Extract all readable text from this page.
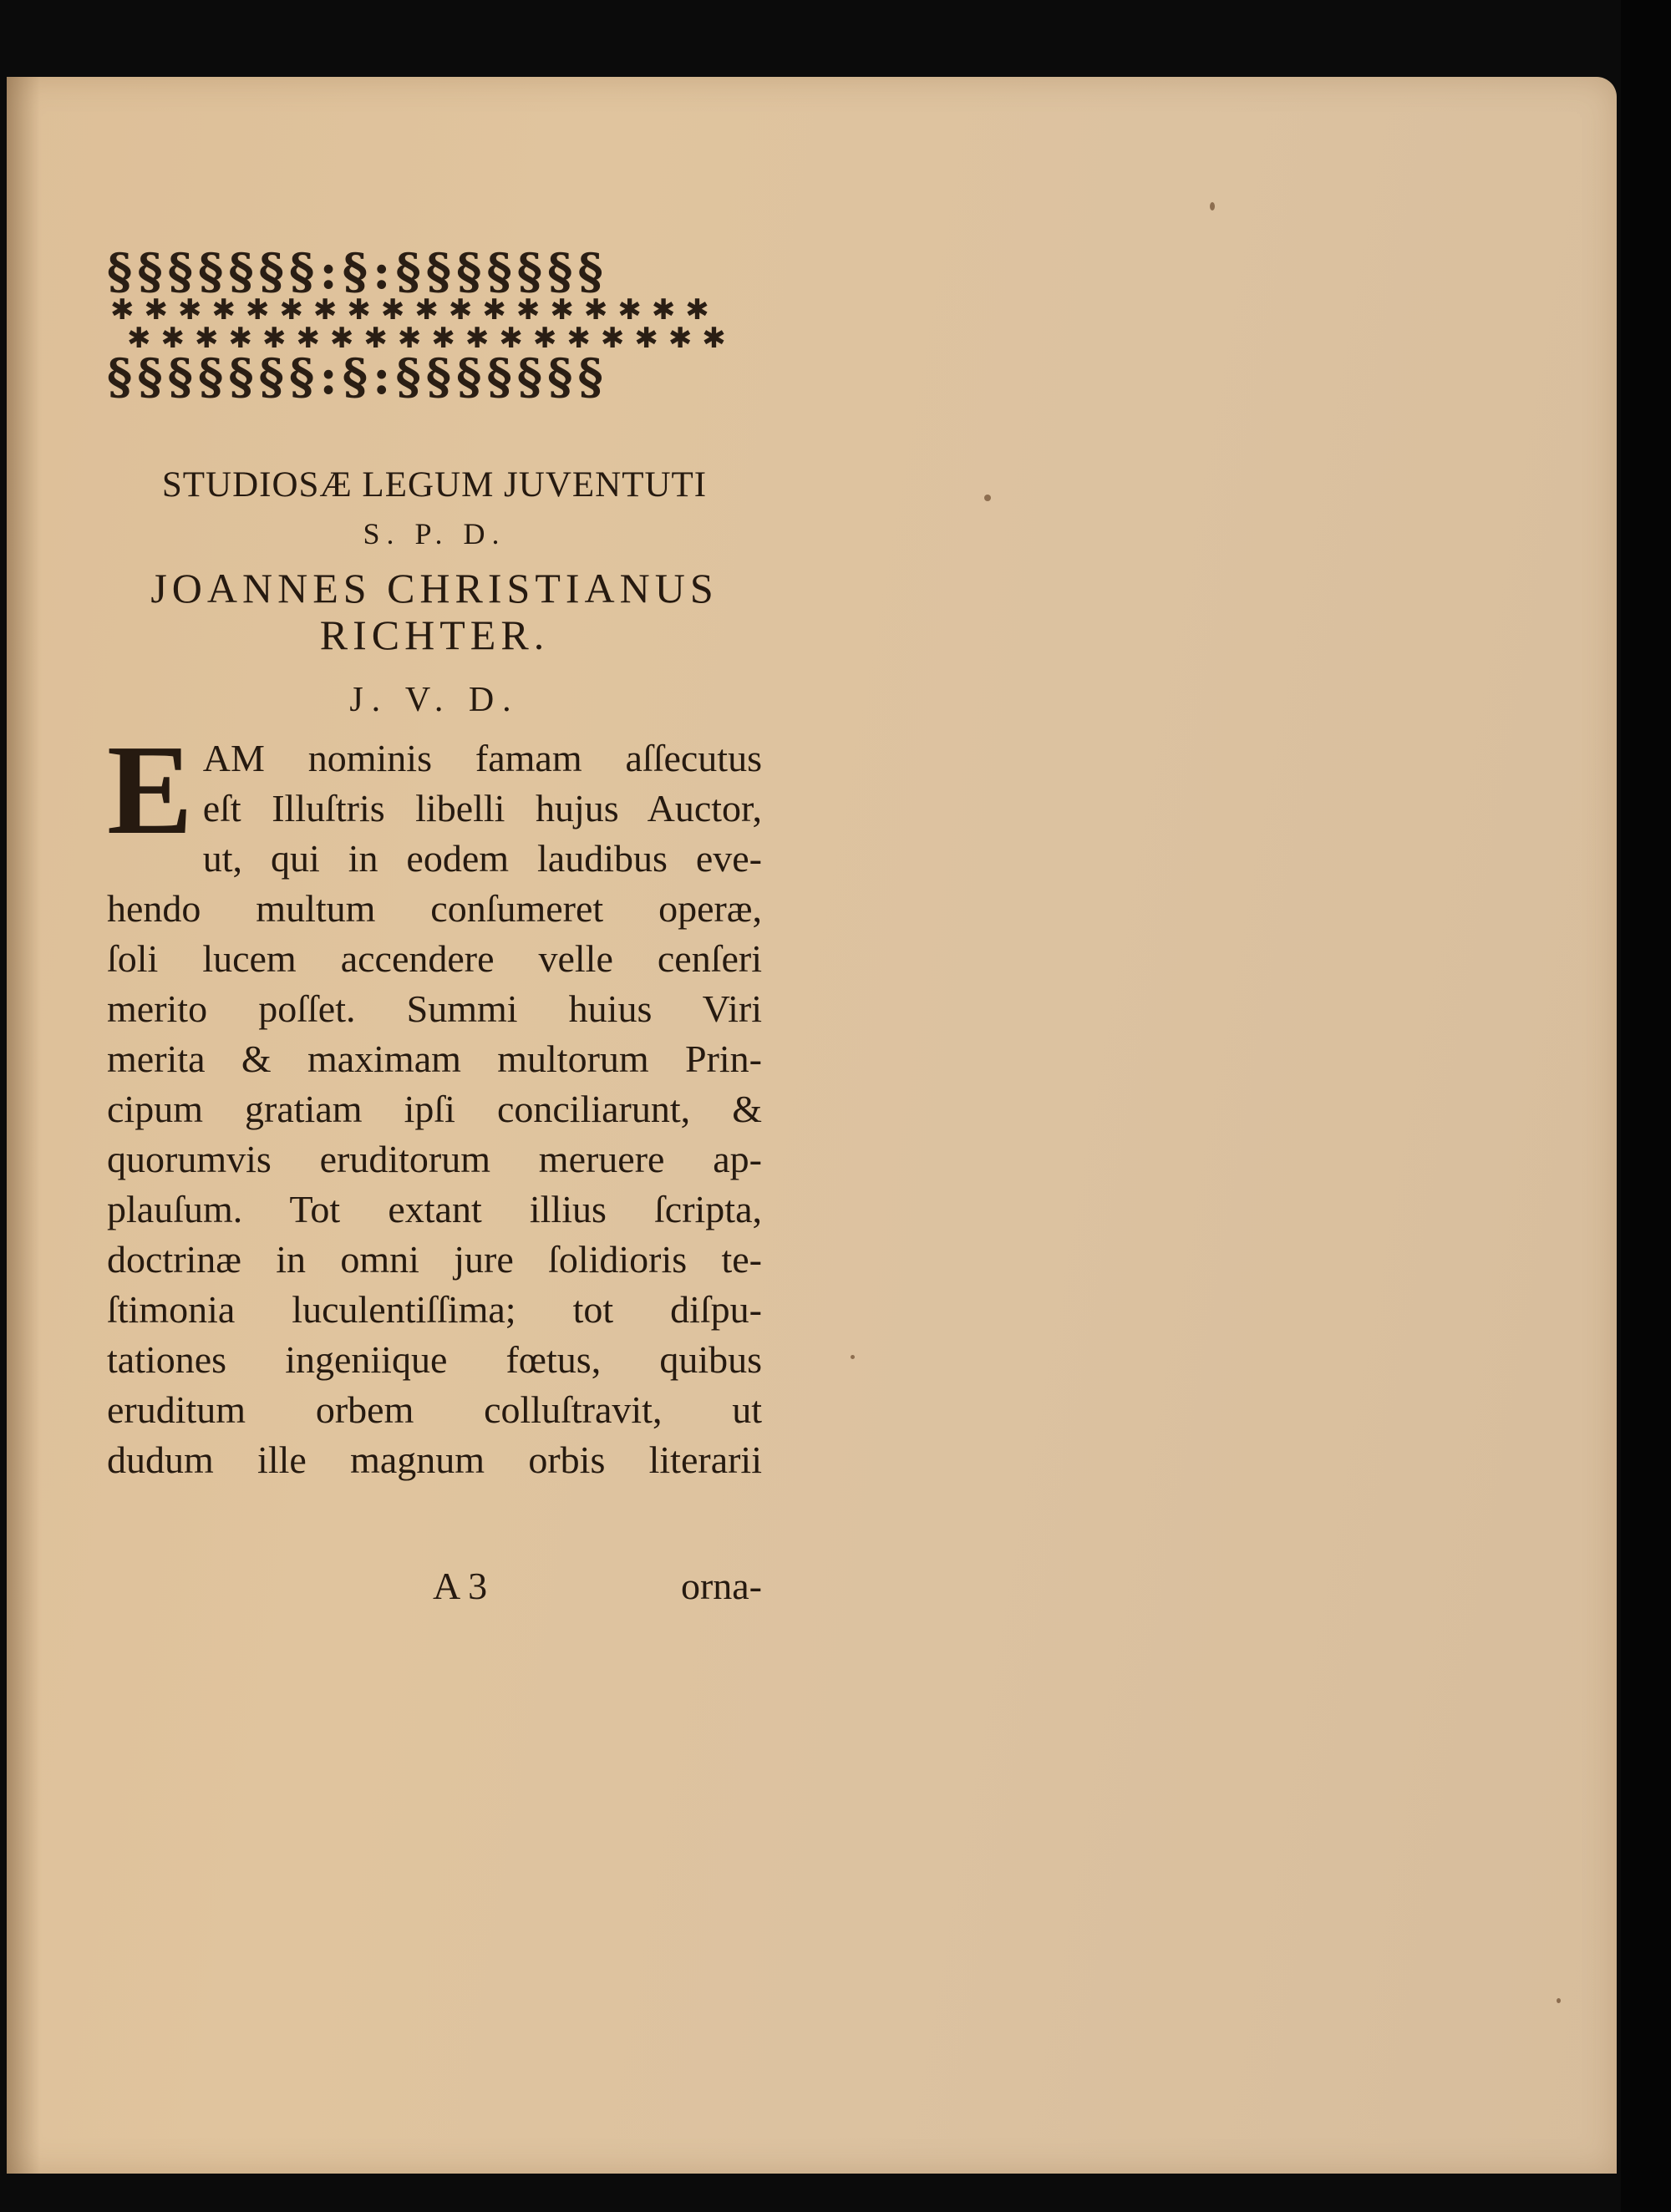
§§§§§§§:§:§§§§§§§
✱✱✱✱✱✱✱✱✱✱✱✱✱✱✱✱✱✱
✱✱✱✱✱✱✱✱✱✱✱✱✱✱✱✱✱✱
§§§§§§§:§:§§§§§§§

STUDIOSÆ LEGUM JUVENTUTI

S. P. D.

JOANNES CHRISTIANUS

RICHTER.

J. V. D.

E AM nominis famam aſſecutus
eſt Illuſtris libelli hujus Auctor,
ut, qui in eodem laudibus eve-
hendo multum conſumeret operæ,
ſoli lucem accendere velle cenſeri
merito poſſet. Summi huius Viri
merita & maximam multorum Prin-
cipum gratiam ipſi conciliarunt, &
quorumvis eruditorum meruere ap-
plauſum. Tot extant illius ſcripta,
doctrinæ in omni jure ſolidioris te-
ſtimonia luculentiſſima; tot diſpu-
tationes ingeniique fœtus, quibus
eruditum orbem colluſtravit, ut
dudum ille magnum orbis literarii
A 3	orna-
